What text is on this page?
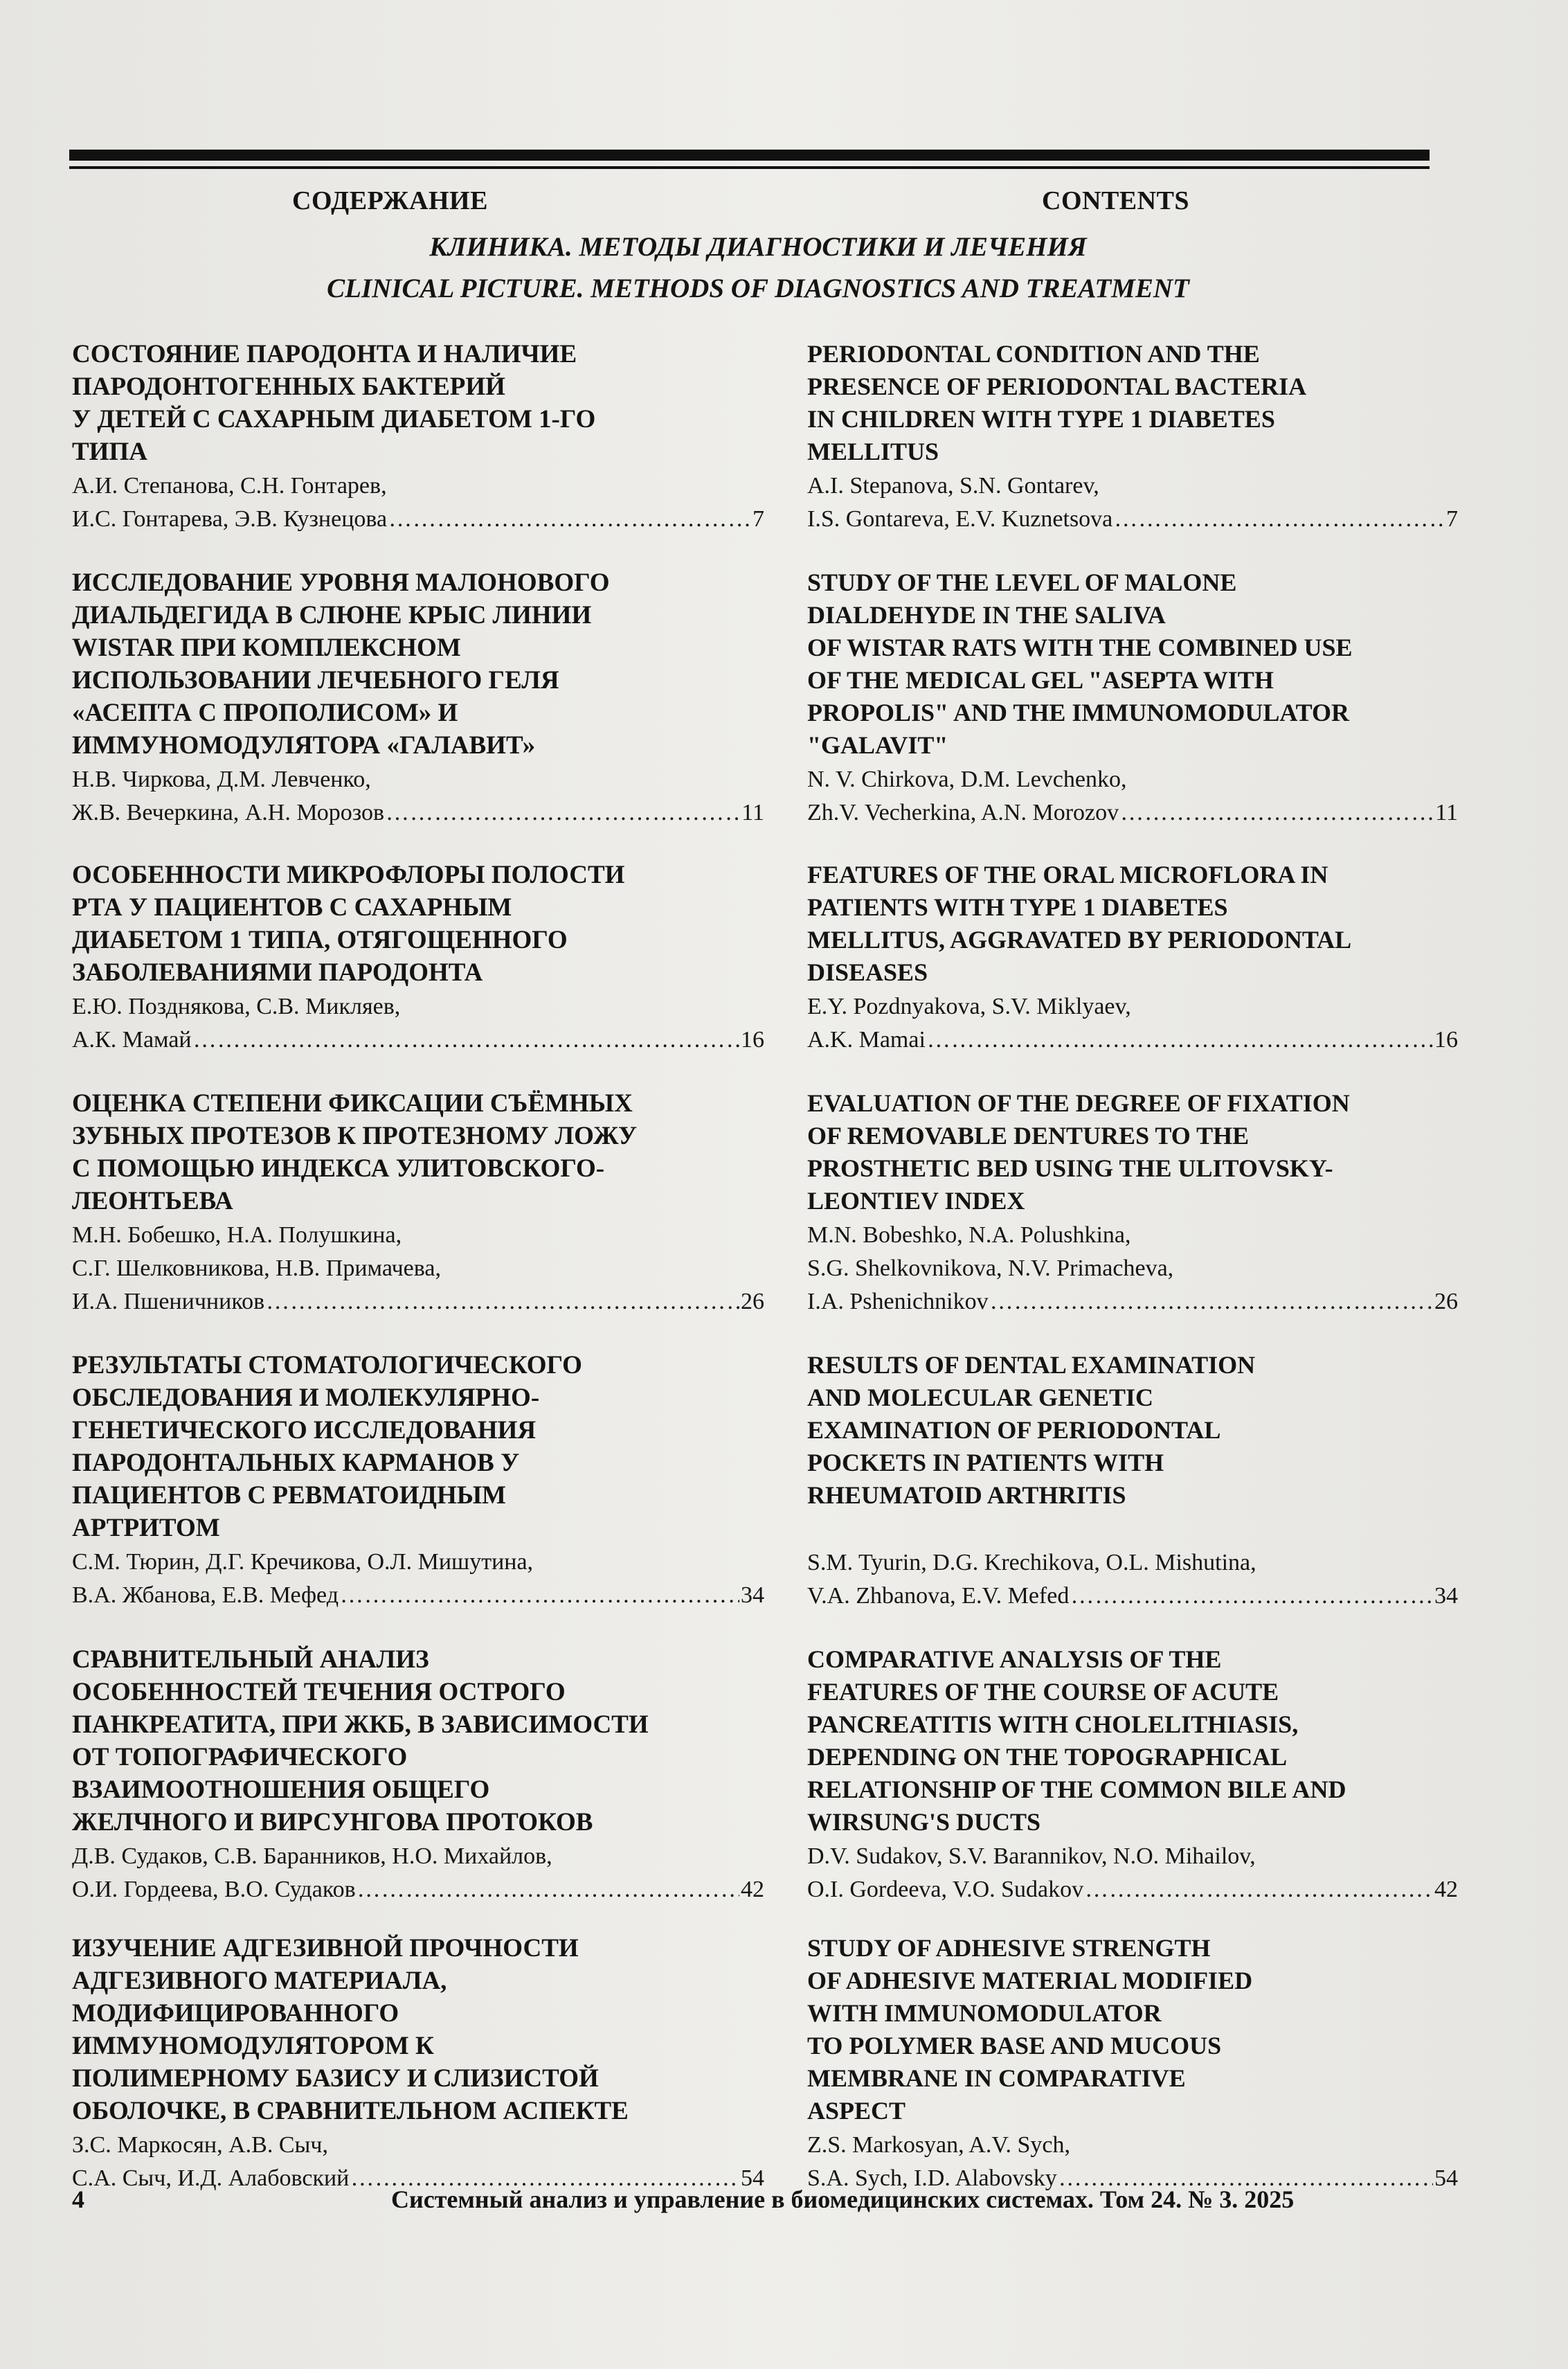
СОДЕРЖАНИЕ	CONTENTS
КЛИНИКА. МЕТОДЫ ДИАГНОСТИКИ И ЛЕЧЕНИЯ
CLINICAL PICTURE. METHODS OF DIAGNOSTICS AND TREATMENT

СОСТОЯНИЕ ПАРОДОНТА И НАЛИЧИЕ
ПАРОДОНТОГЕННЫХ БАКТЕРИЙ
У ДЕТЕЙ С САХАРНЫМ ДИАБЕТОМ 1-ГО
ТИПА

А.И. Степанова, С.Н. Гонтарев,
И.С. Гонтарева, Э.В. Кузнецова …………………………………………………………………………………………………………………………………………	7

ИССЛЕДОВАНИЕ УРОВНЯ МАЛОНОВОГО
ДИАЛЬДЕГИДА В СЛЮНЕ КРЫС ЛИНИИ
WISTAR ПРИ КОМПЛЕКСНОМ
ИСПОЛЬЗОВАНИИ ЛЕЧЕБНОГО ГЕЛЯ
«АСЕПТА С ПРОПОЛИСОМ» И
ИММУНОМОДУЛЯТОРА «ГАЛАВИТ»

Н.В. Чиркова, Д.М. Левченко,
Ж.В. Вечеркина, А.Н. Морозов …………………………………………………………………………………………………………………………………………	11

ОСОБЕННОСТИ МИКРОФЛОРЫ ПОЛОСТИ
РТА У ПАЦИЕНТОВ С САХАРНЫМ
ДИАБЕТОМ 1 ТИПА, ОТЯГОЩЕННОГО
ЗАБОЛЕВАНИЯМИ ПАРОДОНТА

Е.Ю. Позднякова, С.В. Микляев,
А.К. Мамай …………………………………………………………………………………………………………………………………………	16

ОЦЕНКА СТЕПЕНИ ФИКСАЦИИ СЪЁМНЫХ
ЗУБНЫХ ПРОТЕЗОВ К ПРОТЕЗНОМУ ЛОЖУ
С ПОМОЩЬЮ ИНДЕКСА УЛИТОВСКОГО-
ЛЕОНТЬЕВА

М.Н. Бобешко, Н.А. Полушкина,
С.Г. Шелковникова, Н.В. Примачева,
И.А. Пшеничников …………………………………………………………………………………………………………………………………………	26

РЕЗУЛЬТАТЫ СТОМАТОЛОГИЧЕСКОГО
ОБСЛЕДОВАНИЯ И МОЛЕКУЛЯРНО-
ГЕНЕТИЧЕСКОГО ИССЛЕДОВАНИЯ
ПАРОДОНТАЛЬНЫХ КАРМАНОВ У
ПАЦИЕНТОВ С РЕВМАТОИДНЫМ
АРТРИТОМ

С.М. Тюрин, Д.Г. Кречикова, О.Л. Мишутина,
В.А. Жбанова, Е.В. Мефед …………………………………………………………………………………………………………………………………………	34

СРАВНИТЕЛЬНЫЙ АНАЛИЗ
ОСОБЕННОСТЕЙ ТЕЧЕНИЯ ОСТРОГО
ПАНКРЕАТИТА, ПРИ ЖКБ, В ЗАВИСИМОСТИ
ОТ ТОПОГРАФИЧЕСКОГО
ВЗАИМООТНОШЕНИЯ ОБЩЕГО
ЖЕЛЧНОГО И ВИРСУНГОВА ПРОТОКОВ

Д.В. Судаков, С.В. Баранников, Н.О. Михайлов,
О.И. Гордеева, В.О. Судаков …………………………………………………………………………………………………………………………………………	42

ИЗУЧЕНИЕ АДГЕЗИВНОЙ ПРОЧНОСТИ
АДГЕЗИВНОГО МАТЕРИАЛА,
МОДИФИЦИРОВАННОГО
ИММУНОМОДУЛЯТОРОМ К
ПОЛИМЕРНОМУ БАЗИСУ И СЛИЗИСТОЙ
ОБОЛОЧКЕ, В СРАВНИТЕЛЬНОМ АСПЕКТЕ

З.С. Маркосян, А.В. Сыч,
С.А. Сыч, И.Д. Алабовский …………………………………………………………………………………………………………………………………………	54

PERIODONTAL CONDITION AND THE
PRESENCE OF PERIODONTAL BACTERIA
IN CHILDREN WITH TYPE 1 DIABETES
MELLITUS

A.I. Stepanova, S.N. Gontarev,
I.S. Gontareva, E.V. Kuznetsova …………………………………………………………………………………………………………………………………………	7

STUDY OF THE LEVEL OF MALONE
DIALDEHYDE IN THE SALIVA
OF WISTAR RATS WITH THE COMBINED USE
OF THE MEDICAL GEL "ASEPTA WITH
PROPOLIS" AND THE IMMUNOMODULATOR
"GALAVIT"

N. V. Chirkova, D.M. Levchenko,
Zh.V. Vecherkina, A.N. Morozov …………………………………………………………………………………………………………………………………………	11

FEATURES OF THE ORAL MICROFLORA IN
PATIENTS WITH TYPE 1 DIABETES
MELLITUS, AGGRAVATED BY PERIODONTAL
DISEASES

E.Y. Pozdnyakova, S.V. Miklyaev,
A.K. Mamai …………………………………………………………………………………………………………………………………………	16

EVALUATION OF THE DEGREE OF FIXATION
OF REMOVABLE DENTURES TO THE
PROSTHETIC BED USING THE ULITOVSKY-
LEONTIEV INDEX

M.N. Bobeshko, N.A. Polushkina,
S.G. Shelkovnikova, N.V. Primacheva,
I.A. Pshenichnikov …………………………………………………………………………………………………………………………………………	26

RESULTS OF DENTAL EXAMINATION
AND MOLECULAR GENETIC
EXAMINATION OF PERIODONTAL
POCKETS IN PATIENTS WITH
RHEUMATOID ARTHRITIS

S.M. Tyurin, D.G. Krechikova, O.L. Mishutina,
V.A. Zhbanova, E.V. Mefed …………………………………………………………………………………………………………………………………………	34

COMPARATIVE ANALYSIS OF THE
FEATURES OF THE COURSE OF ACUTE
PANCREATITIS WITH CHOLELITHIASIS,
DEPENDING ON THE TOPOGRAPHICAL
RELATIONSHIP OF THE COMMON BILE AND
WIRSUNG'S DUCTS

D.V. Sudakov, S.V. Barannikov, N.O. Mihailov,
O.I. Gordeeva, V.O. Sudakov …………………………………………………………………………………………………………………………………………	42

STUDY OF ADHESIVE STRENGTH
OF ADHESIVE MATERIAL MODIFIED
WITH IMMUNOMODULATOR
TO POLYMER BASE AND MUCOUS
MEMBRANE IN COMPARATIVE
ASPECT

Z.S. Markosyan, A.V. Sych,
S.A. Sych, I.D. Alabovsky …………………………………………………………………………………………………………………………………………	54
4	Системный анализ и управление в биомедицинских системах. Том 24. № 3. 2025
